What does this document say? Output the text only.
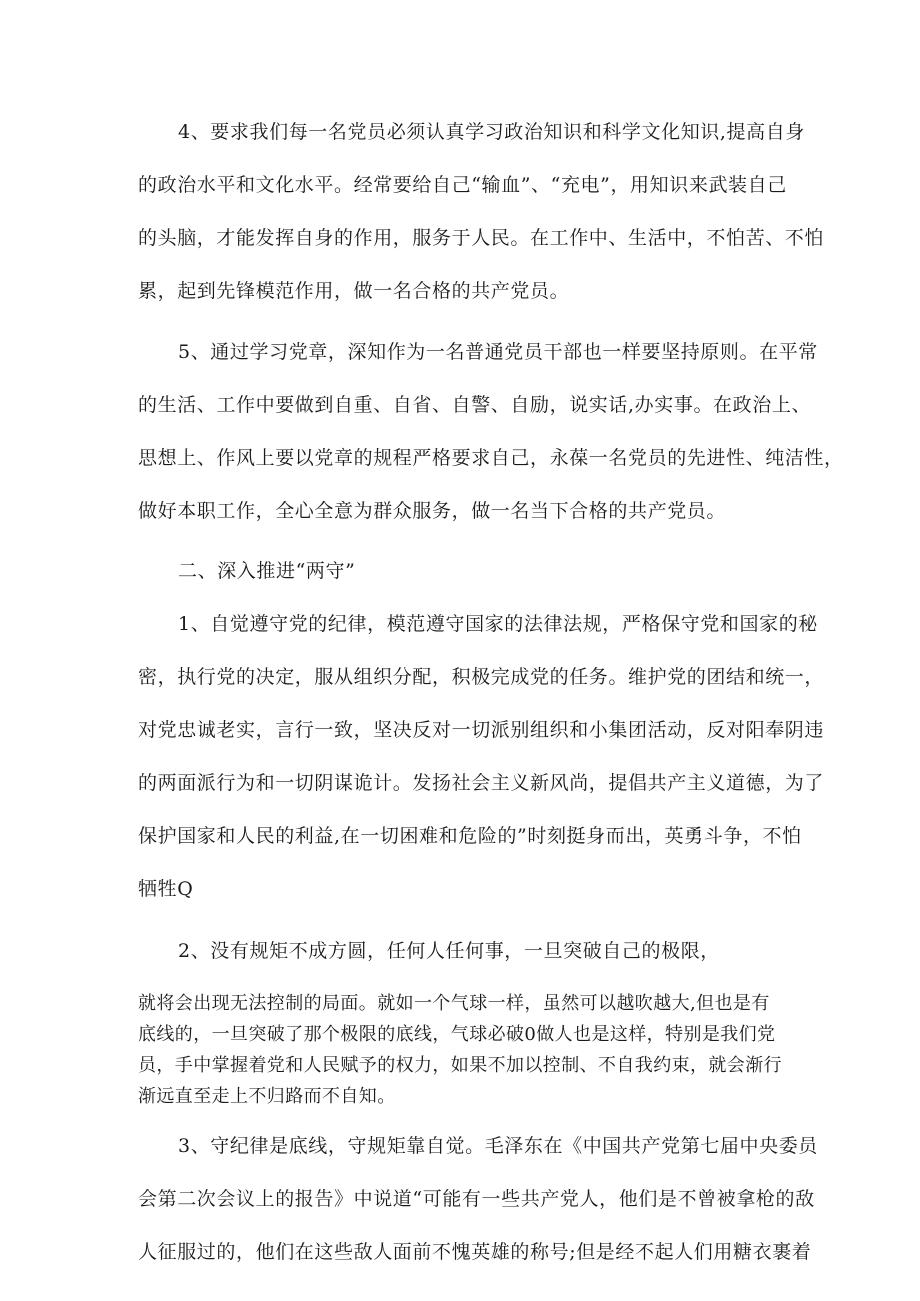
4、要求我们每一名党员必须认真学习政治知识和科学文化知识,提高自身
的政治水平和文化水平。经常要给自己“输血”、“充电”，用知识来武装自己
的头脑，才能发挥自身的作用，服务于人民。在工作中、生活中，不怕苦、不怕
累，起到先锋模范作用，做一名合格的共产党员。
5、通过学习党章，深知作为一名普通党员干部也一样要坚持原则。在平常
的生活、工作中要做到自重、自省、自警、自励，说实话,办实事。在政治上、
思想上、作风上要以党章的规程严格要求自己，永葆一名党员的先进性、纯洁性，
做好本职工作，全心全意为群众服务，做一名当下合格的共产党员。
二、深入推进“两守”
1、自觉遵守党的纪律，模范遵守国家的法律法规，严格保守党和国家的秘
密，执行党的决定，服从组织分配，积极完成党的任务。维护党的团结和统一，
对党忠诚老实，言行一致，坚决反对一切派别组织和小集团活动，反对阳奉阴违
的两面派行为和一切阴谋诡计。发扬社会主义新风尚，提倡共产主义道德，为了
保护国家和人民的利益,在一切困难和危险的”时刻挺身而出，英勇斗争，不怕
牺牲Q
2、没有规矩不成方圆，任何人任何事，一旦突破自己的极限，
就将会出现无法控制的局面。就如一个气球一样，虽然可以越吹越大,但也是有
底线的，一旦突破了那个极限的底线，气球必破0做人也是这样，特别是我们党
员，手中掌握着党和人民赋予的权力，如果不加以控制、不自我约束，就会渐行
渐远直至走上不归路而不自知。
3、守纪律是底线，守规矩靠自觉。毛泽东在《中国共产党第七届中央委员
会第二次会议上的报告》中说道“可能有一些共产党人，他们是不曾被拿枪的敌
人征服过的，他们在这些敌人面前不愧英雄的称号;但是经不起人们用糖衣裹着
